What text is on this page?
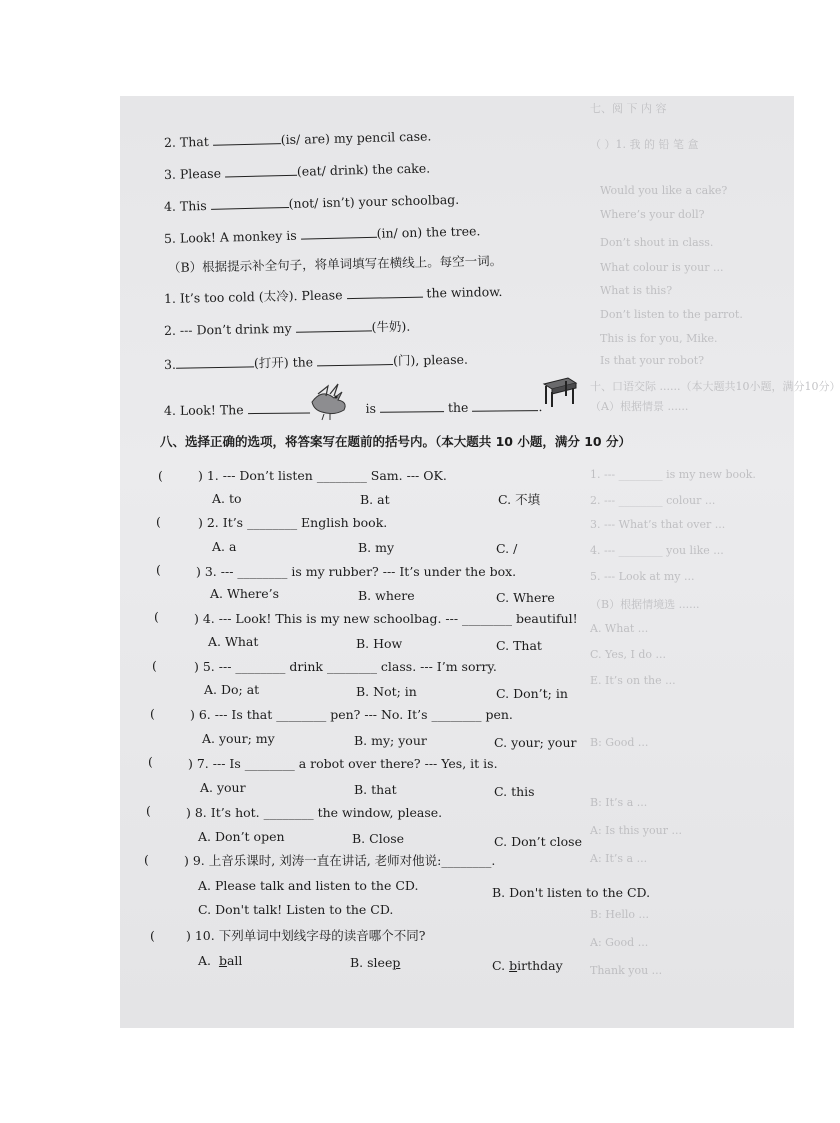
七、阅 下 内 容
（ ）1. 我 的 铅 笔 盒
Would you like a cake?
Where’s your doll?
Don’t shout in class.
What colour is your ...
What is this?
Don’t listen to the parrot.
This is for you, Mike.
Is that your robot?
十、口语交际 ......（本大题共10小题，满分10分）
（A）根据情景 ......
1. --- ________ is my new book.
2. --- ________ colour ...
3. --- What’s that over ...
4. --- ________ you like ...
5. --- Look at my ...
（B）根据情境选 ......
A. What ...
C. Yes, I do ...
E. It’s on the ...
B: Good ...
B: It’s a ...
A: Is this your ...
A: It’s a ...
B: Hello ...
A: Good ...
Thank you ...
2. That	(is/ are) my pencil case.
3. Please	(eat/ drink) the cake.
4. This	(not/ isn’t) your schoolbag.
5. Look! A monkey is	(in/ on) the tree.
（B）根据提示补全句子，将单词填写在横线上。每空一词。
1. It’s too cold (太冷). Please	the window.
2. --- Don’t drink my	(牛奶).
3.	(打开) the	(门), please.
4. Look! The	is	the	.
八、选择正确的选项，将答案写在题前的括号内。（本大题共 10 小题，满分 10 分）
(	) 1. --- Don’t listen ________ Sam. --- OK.
A. to	B. at	C. 不填
(	) 2. It’s ________ English book.
A. a	B. my	C. /
(	) 3. --- ________ is my rubber? --- It’s under the box.
A. Where’s	B. where	C. Where
(	) 4. --- Look! This is my new schoolbag. --- ________ beautiful!
A. What	B. How	C. That
(	) 5. --- ________ drink ________ class. --- I’m sorry.
A. Do; at	B. Not; in	C. Don’t; in
(	) 6. --- Is that ________ pen? --- No. It’s ________ pen.
A. your; my	B. my; your	C. your; your
(	) 7. --- Is ________ a robot over there? --- Yes, it is.
A. your	B. that	C. this
(	) 8. It’s hot. ________ the window, please.
A. Don’t open	B. Close	C. Don’t close
(	) 9. 上音乐课时, 刘涛一直在讲话, 老师对他说:________.
A. Please talk and listen to the CD.	B. Don't listen to the CD.
C. Don't talk! Listen to the CD.
( ) 10. 下列单词中划线字母的读音哪个不同?
A.  ball	B. sleep	C. birthday
